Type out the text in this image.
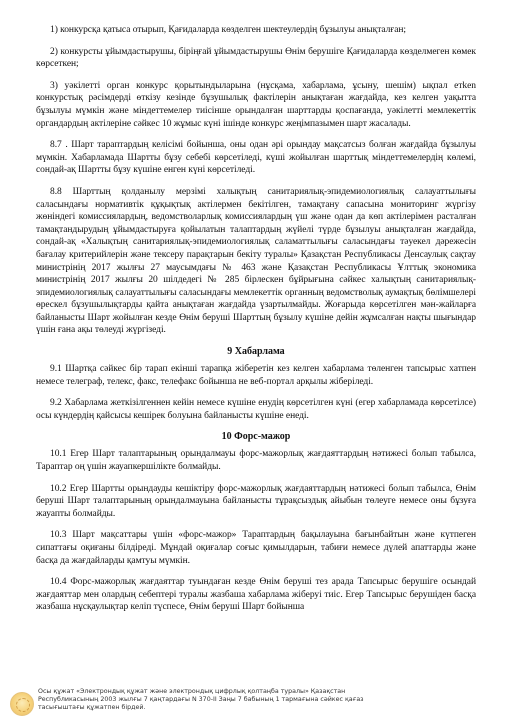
1) конкурсқа қатыса отырып, Қағидаларда көзделген шектеулердің бұзылуы анықталған;

2) конкурсты ұйымдастырушы, біріңғай ұйымдастырушы Өнім берушіге Қағидаларда көзделмеген көмек көрсеткен;

3) уәкілетті орган конкурс қорытындыларына (нұсқама, хабарлама, ұсыну, шешім) ықпал етken конкурстық рәсімдерді өткізу кезінде бұзушылық фактілерін анықтаған жағдайда, кез келген уақытта бұзылуы мүмкін және міндеттемелер тиісінше орындалған шарттарды қоспағанда, уәкілетті мемлекеттік органдардың актілеріне сәйкес 10 жұмыс күні ішінде конкурс жеңімпазымен шарт жасалады.

8.7 . Шарт тараптардың келісімі бойынша, оны одан әрі орындау мақсатсыз болған жағдайда бұзылуы мүмкін. Хабарламада Шартты бұзу себебі көрсетіледі, күші жойылған шарттық міндеттемелердің көлемі, сондай-ақ Шартты бұзу күшіне енген күні көрсетіледі.

8.8 Шарттың қолданылу мерзімі халықтың санитариялық-эпидемиологиялық салауаттылығы саласындағы нормативтік құқықтық актілермен бекітілген, тамақтану сапасына мониторинг жүргізу жөніндегі комиссиялардың, ведомстволарлық комиссиялардың үш және одан да көп актілерімен расталған тамақтандырудың ұйымдастыруға қойылатын талаптардың жүйелі түрде бұзылуы анықталған жағдайда, сондай-ақ «Халықтың санитариялық-эпидемиологиялық саламаттылығы саласындағы тәуекел дәрежесін бағалау критерийлерін және тексеру парақтарын бекіту туралы» Қазақстан Республикасы Денсаулық сақтау министрінің 2017 жылғы 27 маусымдағы № 463 және Қазақстан Республикасы Ұлттық экономика министрінің 2017 жылғы 20 шілдедегі № 285 бірлескен бұйрығына сәйкес халықтың санитариялық-эпидемиологиялық салауаттылығы саласындағы мемлекеттік органның ведомстволық аумақтық бөлімшелері өрескел бұзушылықтарды қайта анықтаған жағдайда үзартылмайды. Жоғарыда көрсетілген мән-жайларға байланысты Шарт жойылған кезде Өнім беруші Шарттың бұзылу күшіне дейін жұмсалған нақты шығындар үшін ғана ақы төлеуді жүргізеді.

9 Хабарлама

9.1 Шартқа сәйкес бір тарап екінші тарапқа жіберетін кез келген хабарлама төленген тапсырыс хатпен немесе телеграф, телекс, факс, телефакс бойынша не веб-портал арқылы жіберіледі.

9.2 Хабарлама жеткізілгеннен кейін немесе күшіне енудің көрсетілген күні (егер хабарламада көрсетілсе) осы күндердің қайсысы кешірек болуына байланысты күшіне енеді.

10 Форс-мажор

10.1 Егер Шарт талаптарының орындалмауы форс-мажорлық жағдаяттардың нәтижесі болып табылса, Тараптар оң үшін жауапкершілікте болмайды.

10.2 Егер Шартты орындауды кешіктіру форс-мажорлық жағдаяттардың нәтижесі болып табылса, Өнім беруші Шарт талаптарының орындалмауына байланысты тұрақсыздық айыбын төлеуге немесе оны бұзуға жауапты болмайды.

10.3 Шарт мақсаттары үшін «форс-мажор» Тараптардың бақылауына бағынбайтын және күтпеген сипаттағы оқиғаны білдіреді. Мұндай оқиғалар соғыс қимылдарын, табиғи немесе дүлей апаттарды және басқа да жағдайларды қамтуы мүмкін.

10.4 Форс-мажорлық жағдаяттар туындаған кезде Өнім беруші тез арада Тапсырыс берушіге осындай жағдаяттар мен олардың себептері туралы жазбаша хабарлама жіберуі тиіс. Егер Тапсырыс берушіден басқа жазбаша нұсқаулықтар келіп түспесе, Өнім беруші Шарт бойынша

Осы құжат «Электрондық құжат және электрондық цифрлық қолтаңба туралы» Қазақстан
Республикасының 2003 жылғы 7 қаңтардағы N 370-II Заңы 7 бабының 1 тармағына сәйкес қағаз
тасығыштағы құжатпен бірдей.
